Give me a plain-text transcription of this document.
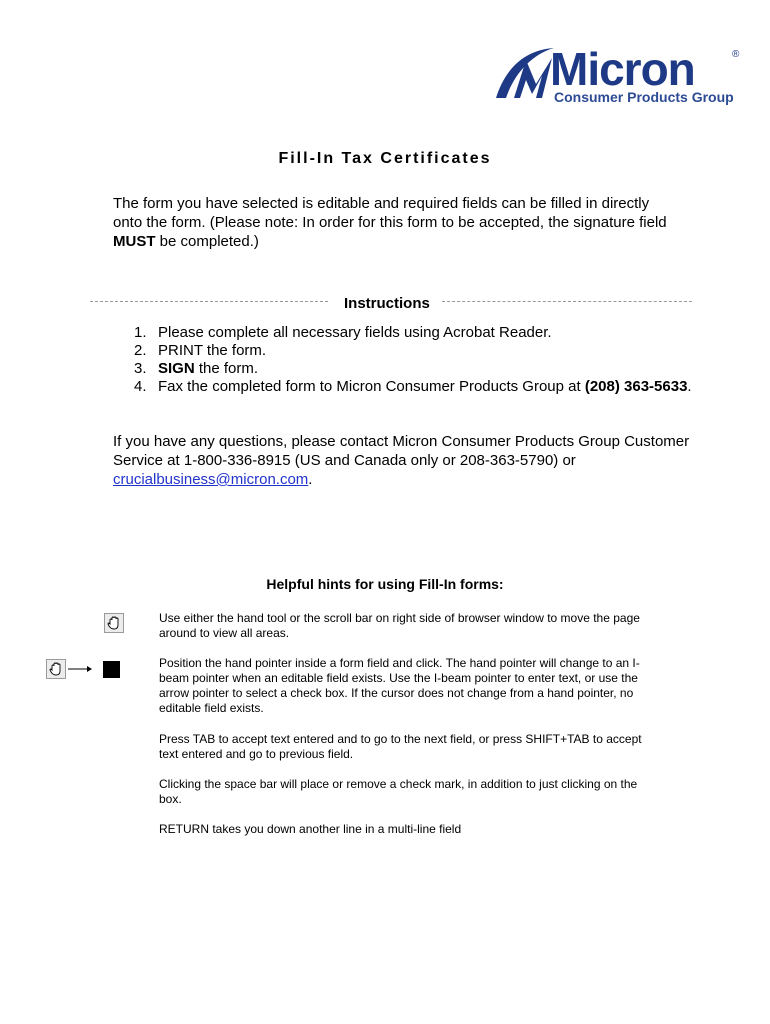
Micron	®
Consumer Products Group
Fill-In Tax Certificates
The form you have selected is editable and required fields can be filled in directly onto the form. (Please note: In order for this form to be accepted, the signature field MUST be completed.)
Instructions
1. Please complete all necessary fields using Acrobat Reader.
2. PRINT the form.
3. SIGN the form.
4. Fax the completed form to Micron Consumer Products Group at (208) 363-5633.
If you have any questions, please contact Micron Consumer Products Group Customer Service at 1-800-336-8915 (US and Canada only or 208-363-5790) or crucialbusiness@micron.com.
Helpful hints for using Fill-In forms:
Use either the hand tool or the scroll bar on right side of browser window to move the page around to view all areas.
Position the hand pointer inside a form field and click. The hand pointer will change to an I-beam pointer when an editable field exists. Use the I-beam pointer to enter text, or use the arrow pointer to select a check box. If the cursor does not change from a hand pointer, no editable field exists.
Press TAB to accept text entered and to go to the next field, or press SHIFT+TAB to accept text entered and go to previous field.
Clicking the space bar will place or remove a check mark, in addition to just clicking on the box.
RETURN takes you down another line in a multi-line field
